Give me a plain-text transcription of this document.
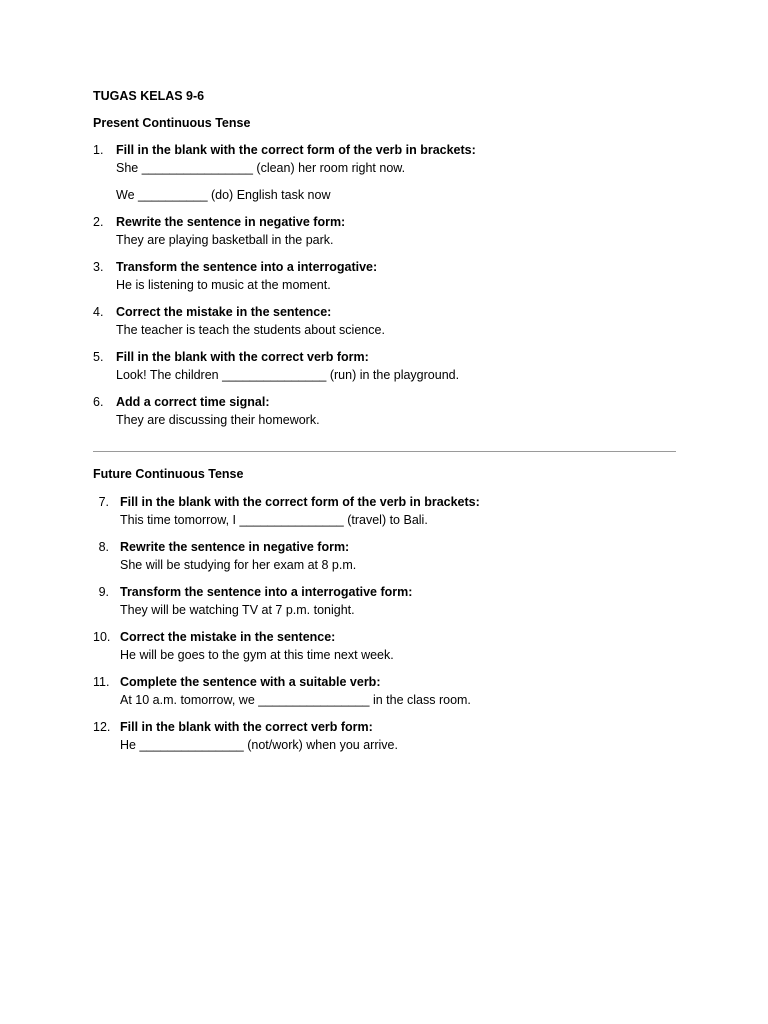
TUGAS KELAS 9-6
Present Continuous Tense
1. Fill in the blank with the correct form of the verb in brackets:
She ________________ (clean) her room right now.
We __________ (do) English task now
2. Rewrite the sentence in negative form:
They are playing basketball in the park.
3. Transform the sentence into a interrogative:
He is listening to music at the moment.
4. Correct the mistake in the sentence:
The teacher is teach the students about science.
5. Fill in the blank with the correct verb form:
Look! The children _______________ (run) in the playground.
6. Add a correct time signal:
They are discussing their homework.
Future Continuous Tense
7. Fill in the blank with the correct form of the verb in brackets:
This time tomorrow, I _______________ (travel) to Bali.
8. Rewrite the sentence in negative form:
She will be studying for her exam at 8 p.m.
9. Transform the sentence into a interrogative form:
They will be watching TV at 7 p.m. tonight.
10. Correct the mistake in the sentence:
He will be goes to the gym at this time next week.
11. Complete the sentence with a suitable verb:
At 10 a.m. tomorrow, we ________________ in the class room.
12. Fill in the blank with the correct verb form:
He _______________ (not/work) when you arrive.
